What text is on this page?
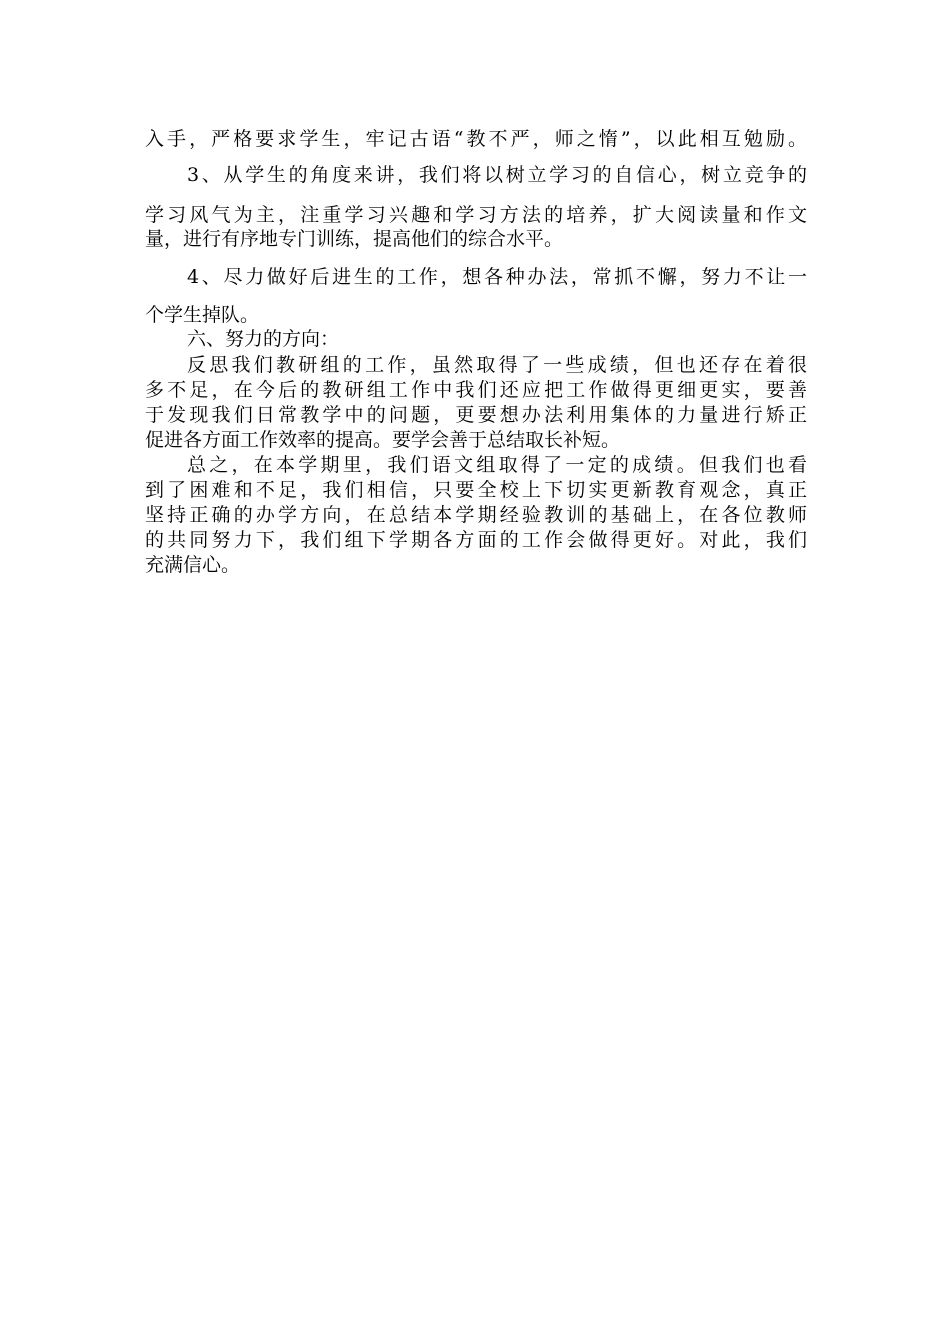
入手，严格要求学生，牢记古语“教不严，师之惰”，以此相互勉励。
3、从学生的角度来讲，我们将以树立学习的自信心，树立竞争的
学习风气为主，注重学习兴趣和学习方法的培养，扩大阅读量和作文
量，进行有序地专门训练，提高他们的综合水平。
4、尽力做好后进生的工作，想各种办法，常抓不懈，努力不让一
个学生掉队。
六、努力的方向：
反思我们教研组的工作，虽然取得了一些成绩，但也还存在着很
多不足，在今后的教研组工作中我们还应把工作做得更细更实，要善
于发现我们日常教学中的问题，更要想办法利用集体的力量进行矫正
促进各方面工作效率的提高。要学会善于总结取长补短。
总之，在本学期里，我们语文组取得了一定的成绩。但我们也看
到了困难和不足，我们相信，只要全校上下切实更新教育观念，真正
坚持正确的办学方向，在总结本学期经验教训的基础上，在各位教师
的共同努力下，我们组下学期各方面的工作会做得更好。对此，我们
充满信心。
